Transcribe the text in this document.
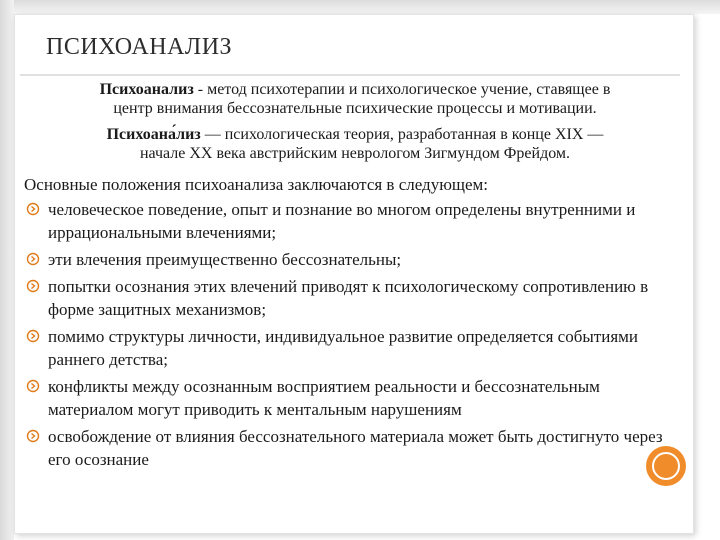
ПСИХОАНАЛИЗ
Психоанализ - метод психотерапии и психологическое учение, ставящее в
центр внимания бессознательные психические процессы и мотивации.
Психоана́лиз — психологическая теория, разработанная в конце XIX —
начале XX века австрийским неврологом Зигмундом Фрейдом.
Основные положения психоанализа заключаются в следующем:
человеческое поведение, опыт и познание во многом определены внутренними и иррациональными влечениями;
эти влечения преимущественно бессознательны;
попытки осознания этих влечений приводят к психологическому сопротивлению в форме защитных механизмов;
помимо структуры личности, индивидуальное развитие определяется событиями раннего детства;
конфликты между осознанным восприятием реальности и бессознательным материалом могут приводить к ментальным нарушениям
освобождение от влияния бессознательного материала может быть достигнуто через его осознание
